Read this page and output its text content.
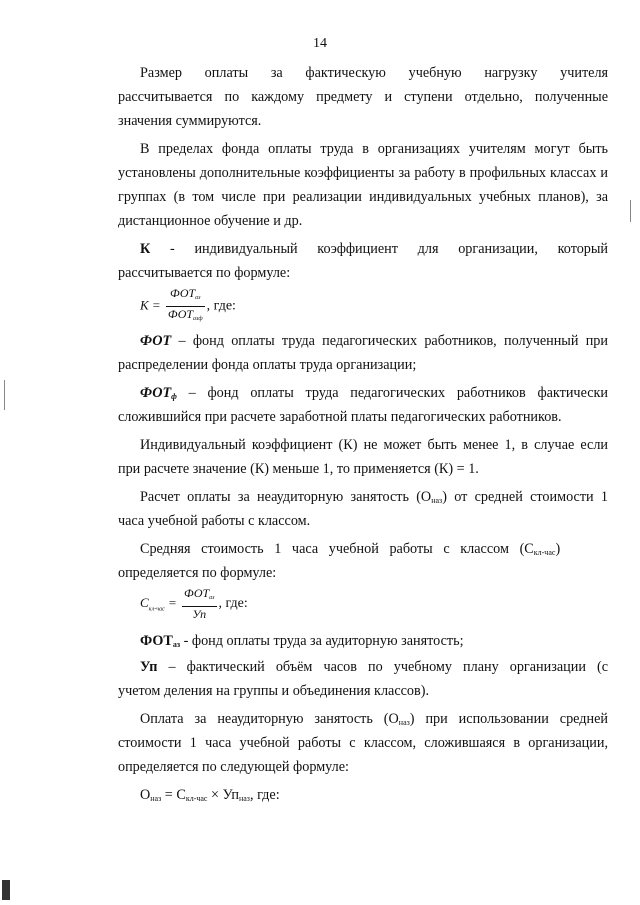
14
Размер оплаты за фактическую учебную нагрузку учителя
рассчитывается по каждому предмету и ступени отдельно, полученные
значения суммируются.
В пределах фонда оплаты труда в организациях учителям могут быть
установлены дополнительные коэффициенты за работу в профильных классах и
группах (в том числе при реализации индивидуальных учебных планов), за
дистанционное обучение и др.
К - индивидуальный коэффициент для организации, который
рассчитывается по формуле:
$К = \frac{ФОТ_{аз}}{ФОТ_{азф}}$ , где:
ФОТ – фонд оплаты труда педагогических работников, полученный при
распределении фонда оплаты труда организации;
$ФОТ_ф$ – фонд оплаты труда педагогических работников фактически
сложившийся при расчете заработной платы педагогических работников.
Индивидуальный коэффициент (К) не может быть менее 1, в случае если
при расчете значение (К) меньше 1, то применяется (К) = 1.
Расчет оплаты за неаудиторную занятость $(О_{наз})$ от средней стоимости 1
часа учебной работы с классом.
Средняя   стоимость   1   часа   учебной   работы   с   классом   $(С_{кл-час})$
определяется по формуле:
$С_{кл-час} = \frac{ФОТ_{аз}}{Уп}$ , где:
$ФОТ_{аз}$ - фонд оплаты труда за аудиторную занятость;
Уп – фактический объём часов по учебному плану организации (с
учетом деления на группы и объединения классов).
Оплата за неаудиторную занятость $(О_{наз})$ при использовании средней
стоимости 1 часа учебной работы с классом, сложившаяся в организации,
определяется по следующей формуле:
$О_{наз} = С_{кл-час} \times Уп_{наз}$, где:
